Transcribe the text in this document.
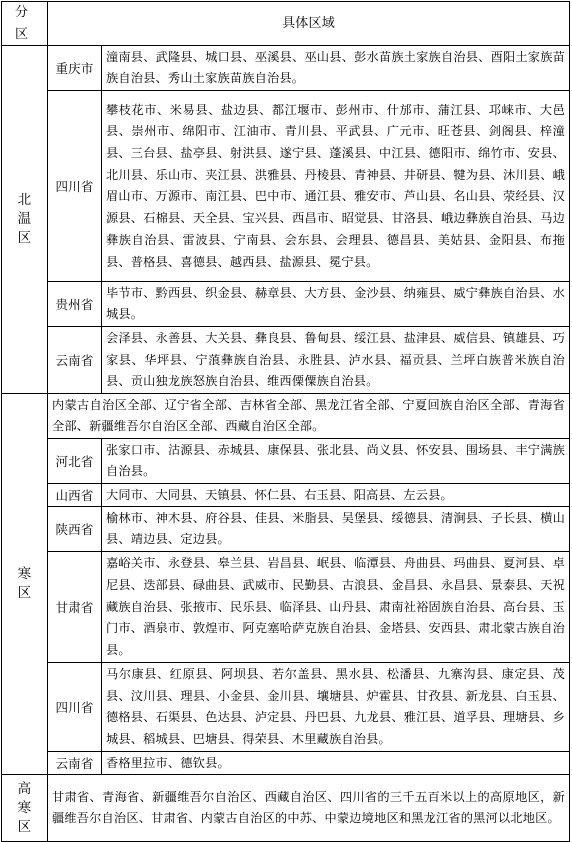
分 区	具体区域	

北温区	重庆市	潼南县、武隆县、城口县、巫溪县、巫山县、彭水苗族土家族自治县、酉阳土家族苗族自治县、秀山土家族苗族自治县。
	四川省	攀枝花市、米易县、盐边县、都江堰市、彭州市、什邡市、蒲江县、邛崃市、大邑县、崇州市、绵阳市、江油市、青川县、平武县、广元市、旺苍县、剑阁县、梓潼县、三台县、盐亭县、射洪县、遂宁县、蓬溪县、中江县、德阳市、绵竹市、安县、北川县、乐山市、夹江县、洪雅县、丹棱县、青神县、井研县、犍为县、沐川县、峨眉山市、万源市、南江县、巴中市、通江县、雅安市、芦山县、名山县、荥经县、汉源县、石棉县、天全县、宝兴县、西昌市、昭觉县、甘洛县、峨边彝族自治县、马边彝族自治县、雷波县、宁南县、会东县、会理县、德昌县、美姑县、金阳县、布拖县、普格县、喜德县、越西县、盐源县、冕宁县。
	贵州省	毕节市、黔西县、织金县、赫章县、大方县、金沙县、纳雍县、威宁彝族自治县、水城县。
	云南省	会泽县、永善县、大关县、彝良县、鲁甸县、绥江县、盐津县、威信县、镇雄县、巧家县、华坪县、宁蒗彝族自治县、永胜县、泸水县、福贡县、兰坪白族普米族自治县、贡山独龙族怒族自治县、维西傈僳族自治县。

寒区	内蒙古自治区全部、辽宁省全部、吉林省全部、黑龙江省全部、宁夏回族自治区全部、青海省全部、新疆维吾尔自治区全部、西藏自治区全部。	
	河北省	张家口市、沽源县、赤城县、康保县、张北县、尚义县、怀安县、围场县、丰宁满族自治县。
	山西省	大同市、大同县、天镇县、怀仁县、右玉县、阳高县、左云县。
	陕西省	榆林市、神木县、府谷县、佳县、米脂县、吴堡县、绥德县、清涧县、子长县、横山县、靖边县、定边县。
	甘肃省	嘉峪关市、永登县、皋兰县、岩昌县、岷县、临潭县、舟曲县、玛曲县、夏河县、卓尼县、迭部县、碌曲县、武威市、民勤县、古浪县、金昌县、永昌县、景泰县、天祝藏族自治县、张掖市、民乐县、临泽县、山丹县、肃南社裕固族自治县、高台县、玉门市、酒泉市、敦煌市、阿克塞哈萨克族自治县、金塔县、安西县、肃北蒙古族自治县。
	四川省	马尔康县、红原县、阿坝县、若尔盖县、黑水县、松潘县、九寨沟县、康定县、茂县、汶川县、理县、小金县、金川县、壤塘县、炉霍县、甘孜县、新龙县、白玉县、德格县、石渠县、色达县、泸定县、丹巴县、九龙县、雅江县、道孚县、理塘县、乡城县、稻城县、巴塘县、得荣县、木里藏族自治县。
	云南省	香格里拉市、德钦县。

高寒区	甘肃省、青海省、新疆维吾尔自治区、西藏自治区、四川省的三千五百米以上的高原地区，新疆维吾尔自治区、甘肃省、内蒙古自治区的中苏、中蒙边境地区和黑龙江省的黑河以北地区。	
